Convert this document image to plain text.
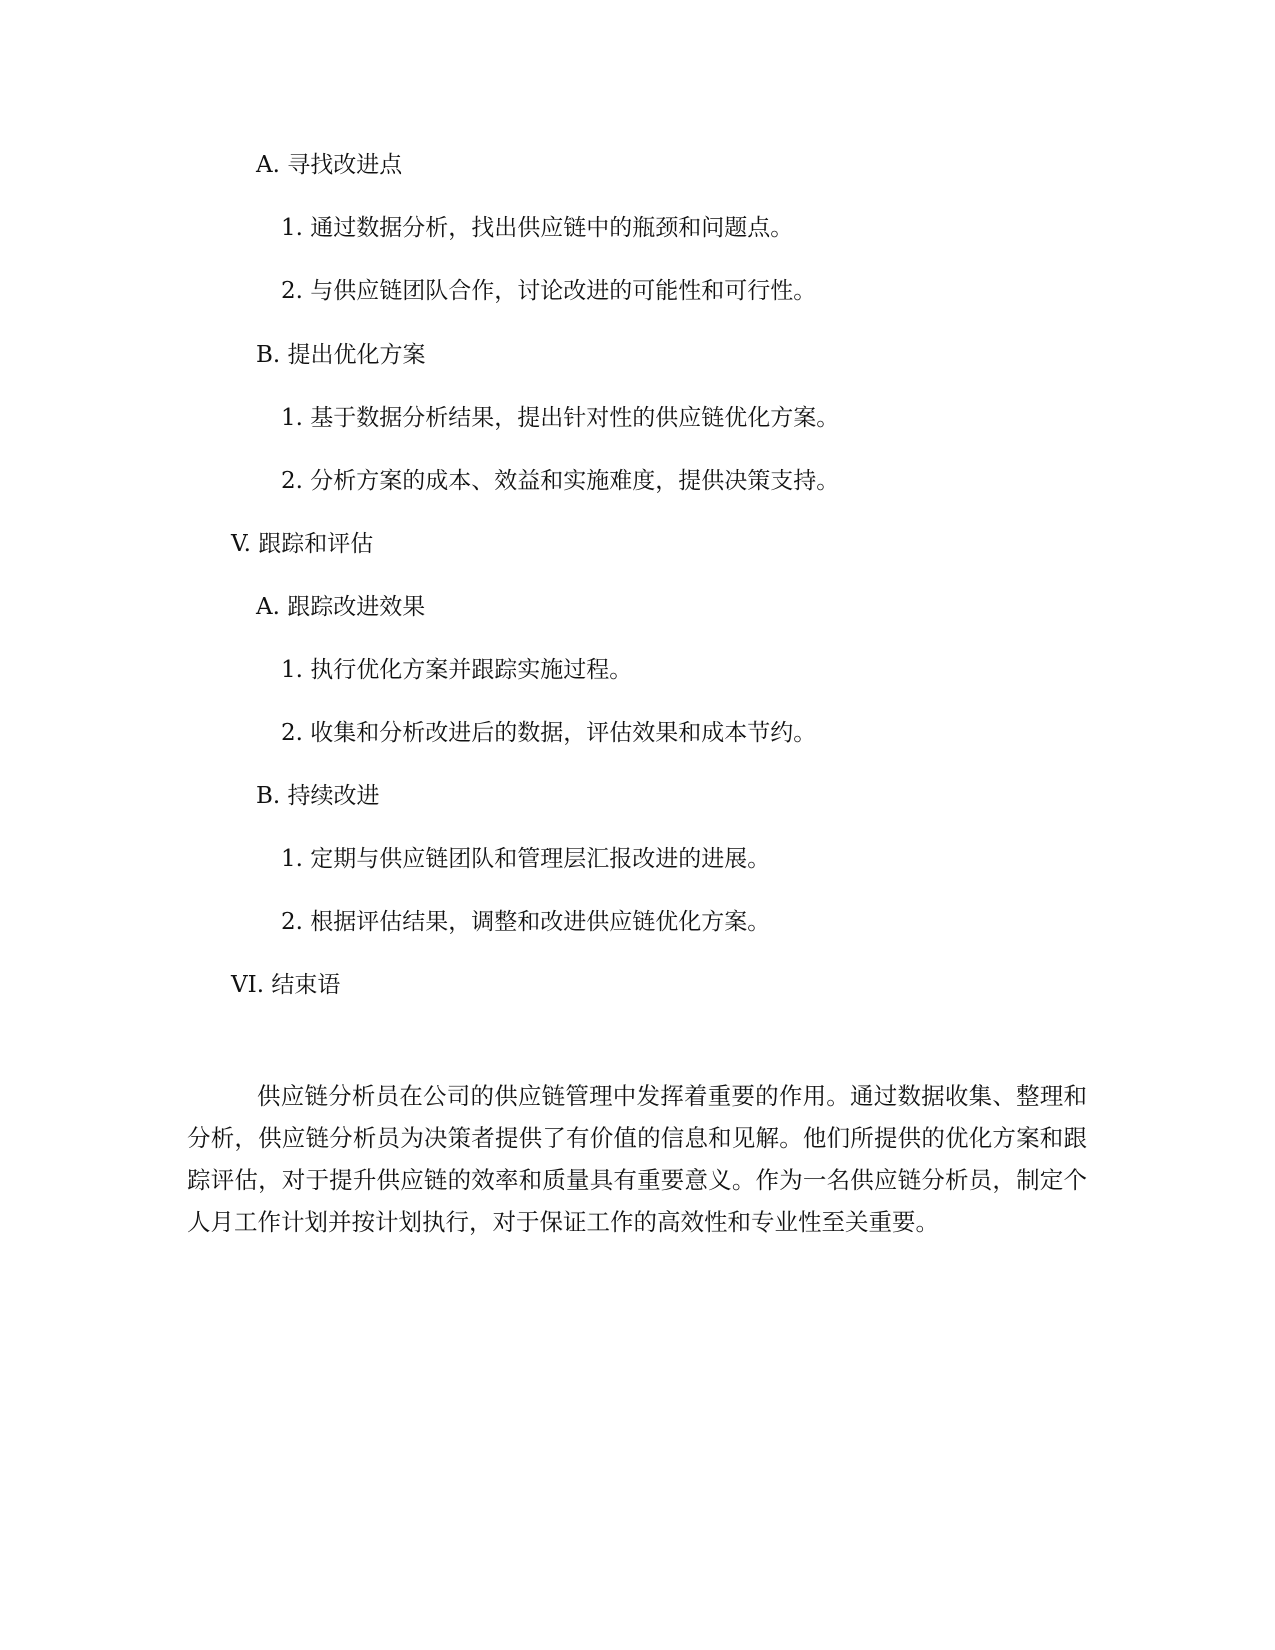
A. 寻找改进点
1. 通过数据分析，找出供应链中的瓶颈和问题点。
2. 与供应链团队合作，讨论改进的可能性和可行性。
B. 提出优化方案
1. 基于数据分析结果，提出针对性的供应链优化方案。
2. 分析方案的成本、效益和实施难度，提供决策支持。
V. 跟踪和评估
A. 跟踪改进效果
1. 执行优化方案并跟踪实施过程。
2. 收集和分析改进后的数据，评估效果和成本节约。
B. 持续改进
1. 定期与供应链团队和管理层汇报改进的进展。
2. 根据评估结果，调整和改进供应链优化方案。
VI. 结束语

供应链分析员在公司的供应链管理中发挥着重要的作用。通过数据收集、整理和分析，供应链分析员为决策者提供了有价值的信息和见解。他们所提供的优化方案和跟踪评估，对于提升供应链的效率和质量具有重要意义。作为一名供应链分析员，制定个人月工作计划并按计划执行，对于保证工作的高效性和专业性至关重要。
